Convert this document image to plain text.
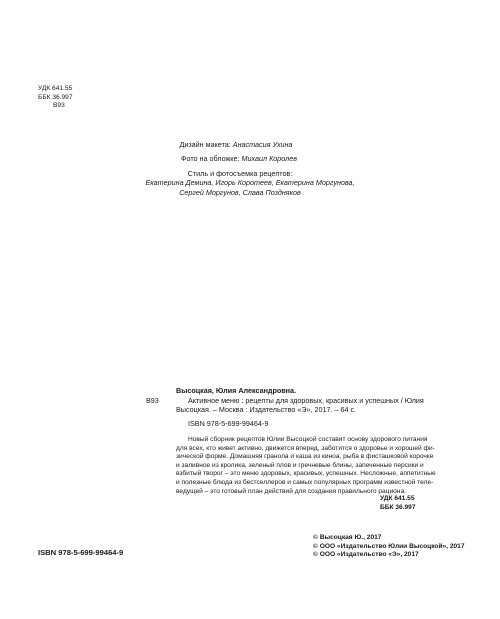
УДК 641.55
ББК 36.997
В93
Дизайн макета: Анастасия Ухина
Фото на обложке: Михаил Королев
Стиль и фотосъемка рецептов:
Екатерина Демина, Игорь Коротеев, Екатерина Моргунова,
Сергей Моргунов, Слава Поздняков
Высоцкая, Юлия Александровна.
В93	Активное меню : рецепты для здоровых, красивых и успешных / Юлия
Высоцкая. – Москва : Издательство «Э», 2017. – 64 с.
ISBN 978-5-699-99464-9
Новый сборник рецептов Юлии Высоцкой составит основу здорового питания
для всех, кто живет активно, движется вперед, заботится о здоровье и хорошей фи-
зической форме. Домашняя гранола и каша из киноа, рыба в фисташковой корочке
и заливное из кролика, зеленый плов и гречневые блины, запеченные персики и
взбитый творог – это меню здоровых, красивых, успешных. Несложные, аппетитные
и полезные блюда из бестселлеров и самых популярных программ известной теле-
ведущей – это готовый план действий для создания правильного рациона.
УДК 641.55
ББК 36.997
ISBN 978-5-699-99464-9
© Высоцкая Ю., 2017
© ООО «Издательство Юлии Высоцкой», 2017
© ООО «Издательство «Э», 2017
